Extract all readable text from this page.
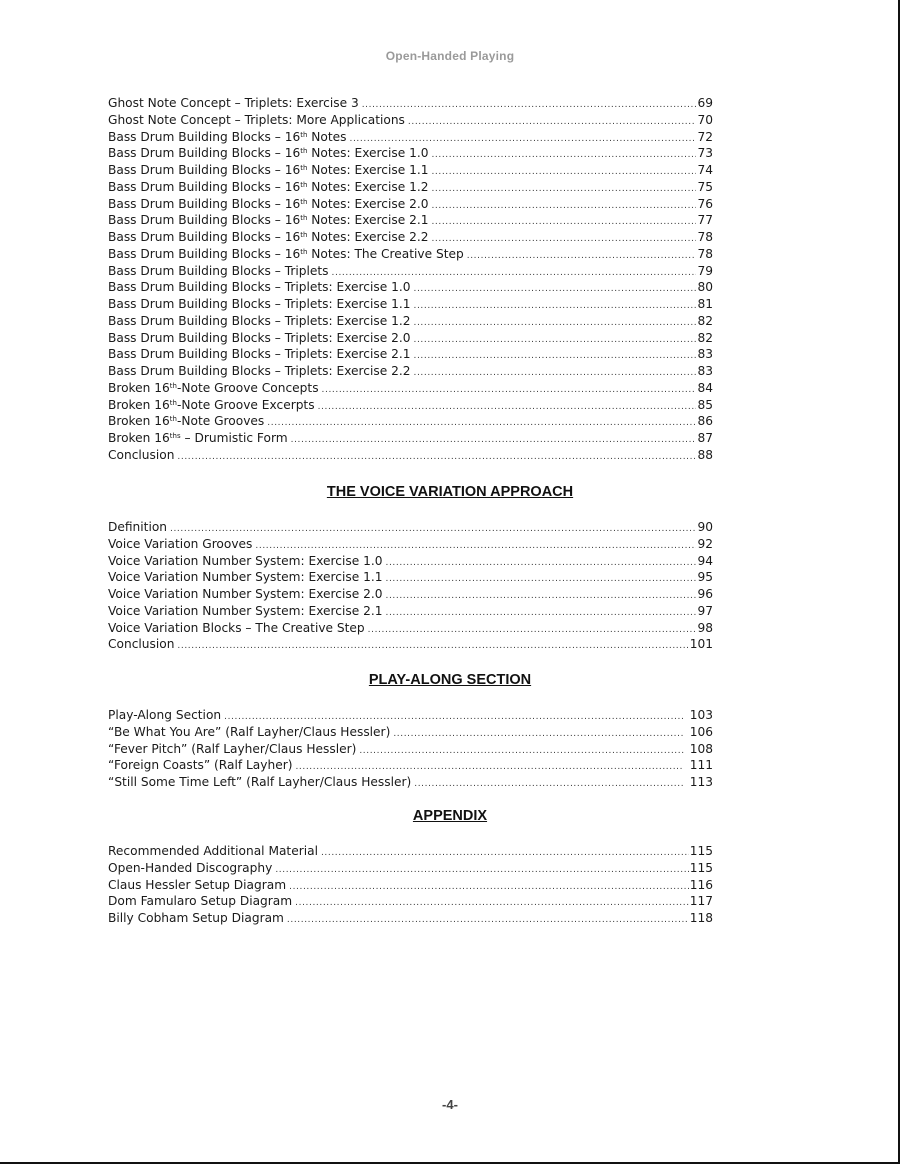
Open-Handed Playing
Ghost Note Concept – Triplets: Exercise 3 .....	69
Ghost Note Concept – Triplets: More Applications .....	70
Bass Drum Building Blocks – 16th Notes .....	72
Bass Drum Building Blocks – 16th Notes: Exercise 1.0 .....	73
Bass Drum Building Blocks – 16th Notes: Exercise 1.1 .....	74
Bass Drum Building Blocks – 16th Notes: Exercise 1.2 .....	75
Bass Drum Building Blocks – 16th Notes: Exercise 2.0 .....	76
Bass Drum Building Blocks – 16th Notes: Exercise 2.1 .....	77
Bass Drum Building Blocks – 16th Notes: Exercise 2.2 .....	78
Bass Drum Building Blocks – 16th Notes: The Creative Step .....	78
Bass Drum Building Blocks – Triplets .....	79
Bass Drum Building Blocks – Triplets: Exercise 1.0 .....	80
Bass Drum Building Blocks – Triplets: Exercise 1.1 .....	81
Bass Drum Building Blocks – Triplets: Exercise 1.2 .....	82
Bass Drum Building Blocks – Triplets: Exercise 2.0 .....	82
Bass Drum Building Blocks – Triplets: Exercise 2.1 .....	83
Bass Drum Building Blocks – Triplets: Exercise 2.2 .....	83
Broken 16th-Note Groove Concepts .....	84
Broken 16th-Note Groove Excerpts .....	85
Broken 16th-Note Grooves .....	86
Broken $16^{ths}$ – Drumistic Form .....	87
Conclusion .....	88
THE VOICE VARIATION APPROACH
Definition .....	90
Voice Variation Grooves .....	92
Voice Variation Number System: Exercise 1.0 .....	94
Voice Variation Number System: Exercise 1.1 .....	95
Voice Variation Number System: Exercise 2.0 .....	96
Voice Variation Number System: Exercise 2.1 .....	97
Voice Variation Blocks – The Creative Step .....	98
Conclusion .....	101
PLAY-ALONG SECTION
Play-Along Section .....	103
“Be What You Are” (Ralf Layher/Claus Hessler) .....	106
“Fever Pitch” (Ralf Layher/Claus Hessler) .....	108
“Foreign Coasts” (Ralf Layher) .....	111
“Still Some Time Left” (Ralf Layher/Claus Hessler) .....	113
APPENDIX
Recommended Additional Material .....	115
Open-Handed Discography .....	115
Claus Hessler Setup Diagram .....	116
Dom Famularo Setup Diagram .....	117
Billy Cobham Setup Diagram .....	118
-4-
